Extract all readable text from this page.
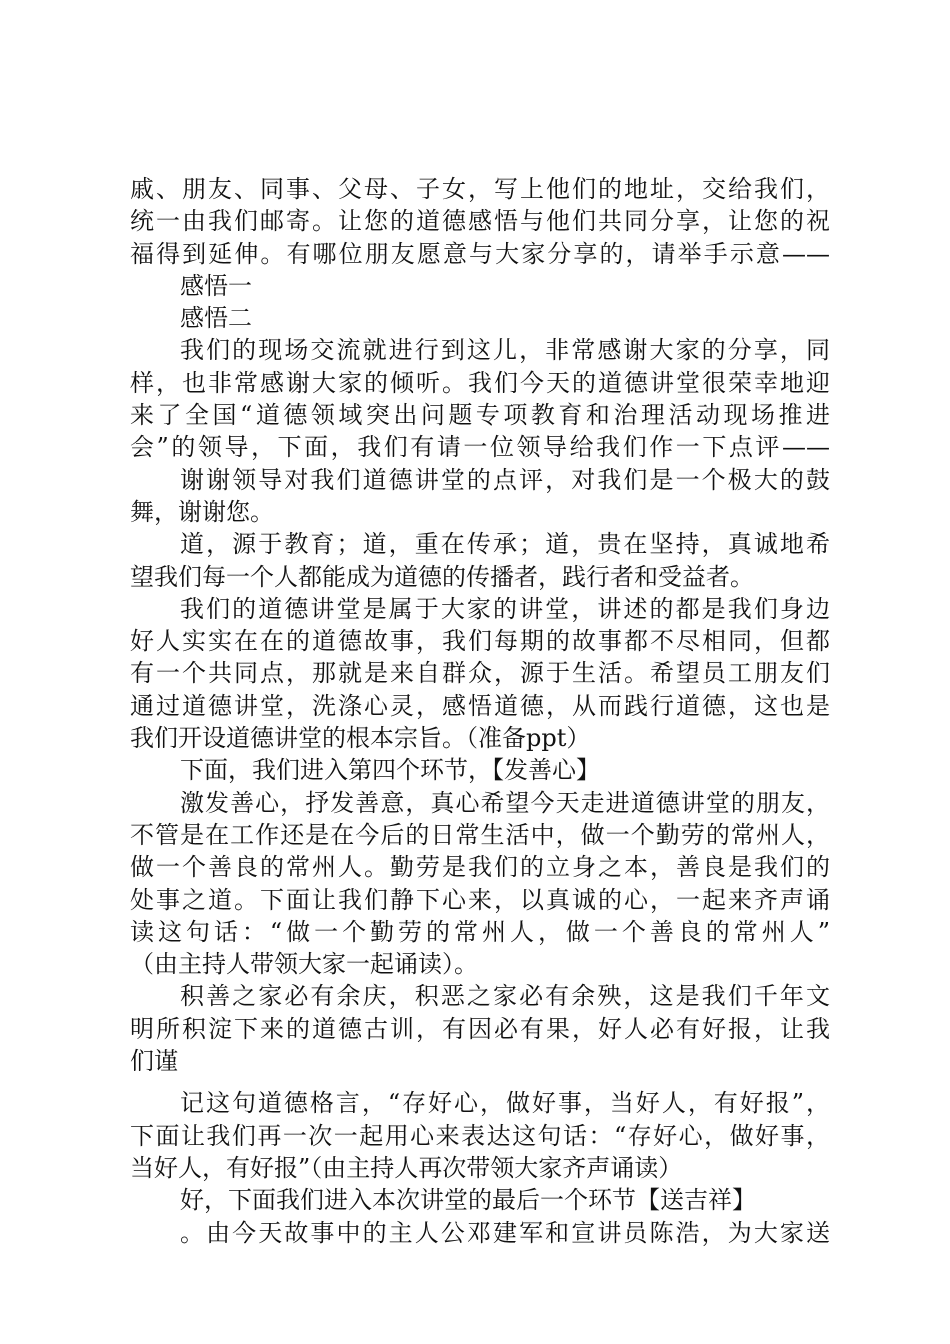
戚、朋友、同事、父母、子女，写上他们的地址，交给我们，
统一由我们邮寄。让您的道德感悟与他们共同分享，让您的祝
福得到延伸。有哪位朋友愿意与大家分享的，请举手示意——
感悟一
感悟二
我们的现场交流就进行到这儿，非常感谢大家的分享，同
样，也非常感谢大家的倾听。我们今天的道德讲堂很荣幸地迎
来了全国“道德领域突出问题专项教育和治理活动现场推进
会”的领导，下面，我们有请一位领导给我们作一下点评——
谢谢领导对我们道德讲堂的点评，对我们是一个极大的鼓
舞，谢谢您。
道，源于教育；道，重在传承；道，贵在坚持，真诚地希
望我们每一个人都能成为道德的传播者，践行者和受益者。
我们的道德讲堂是属于大家的讲堂，讲述的都是我们身边
好人实实在在的道德故事，我们每期的故事都不尽相同，但都
有一个共同点，那就是来自群众，源于生活。希望员工朋友们
通过道德讲堂，洗涤心灵，感悟道德，从而践行道德，这也是
我们开设道德讲堂的根本宗旨。（准备ppt）
下面，我们进入第四个环节，【发善心】
激发善心，抒发善意，真心希望今天走进道德讲堂的朋友，
不管是在工作还是在今后的日常生活中，做一个勤劳的常州人，
做一个善良的常州人。勤劳是我们的立身之本，善良是我们的
处事之道。下面让我们静下心来，以真诚的心，一起来齐声诵
读这句话：“做一个勤劳的常州人，做一个善良的常州人”
（由主持人带领大家一起诵读）。
积善之家必有余庆，积恶之家必有余殃，这是我们千年文
明所积淀下来的道德古训，有因必有果，好人必有好报，让我
们谨
记这句道德格言，“存好心，做好事，当好人，有好报”，
下面让我们再一次一起用心来表达这句话：“存好心，做好事，
当好人，有好报”（由主持人再次带领大家齐声诵读）
好，下面我们进入本次讲堂的最后一个环节【送吉祥】
。由今天故事中的主人公邓建军和宣讲员陈浩，为大家送
